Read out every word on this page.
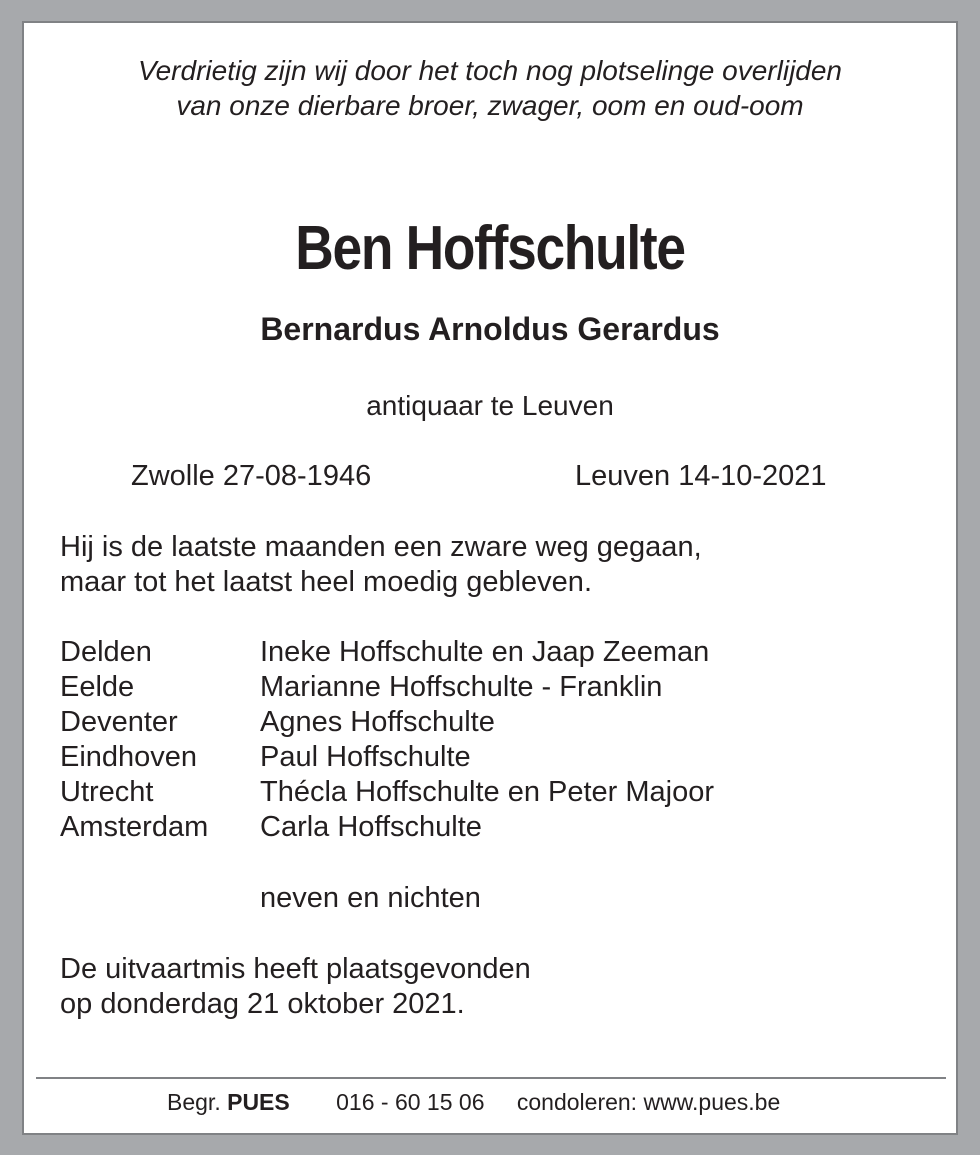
Verdrietig zijn wij door het toch nog plotselinge overlijden
van onze dierbare broer, zwager, oom en oud-oom
Ben Hoffschulte
Bernardus Arnoldus Gerardus
antiquaar te Leuven
Zwolle 27-08-1946	Leuven 14-10-2021
Hij is de laatste maanden een zware weg gegaan,
maar tot het laatst heel moedig gebleven.
Delden	Ineke Hoffschulte en Jaap Zeeman
Eelde	Marianne Hoffschulte - Franklin
Deventer	Agnes Hoffschulte
Eindhoven	Paul Hoffschulte
Utrecht	Thécla Hoffschulte en Peter Majoor
Amsterdam	Carla Hoffschulte
neven en nichten
De uitvaartmis heeft plaatsgevonden
op donderdag 21 oktober 2021.
Begr. PUES 016 - 60 15 06 condoleren: www.pues.be
